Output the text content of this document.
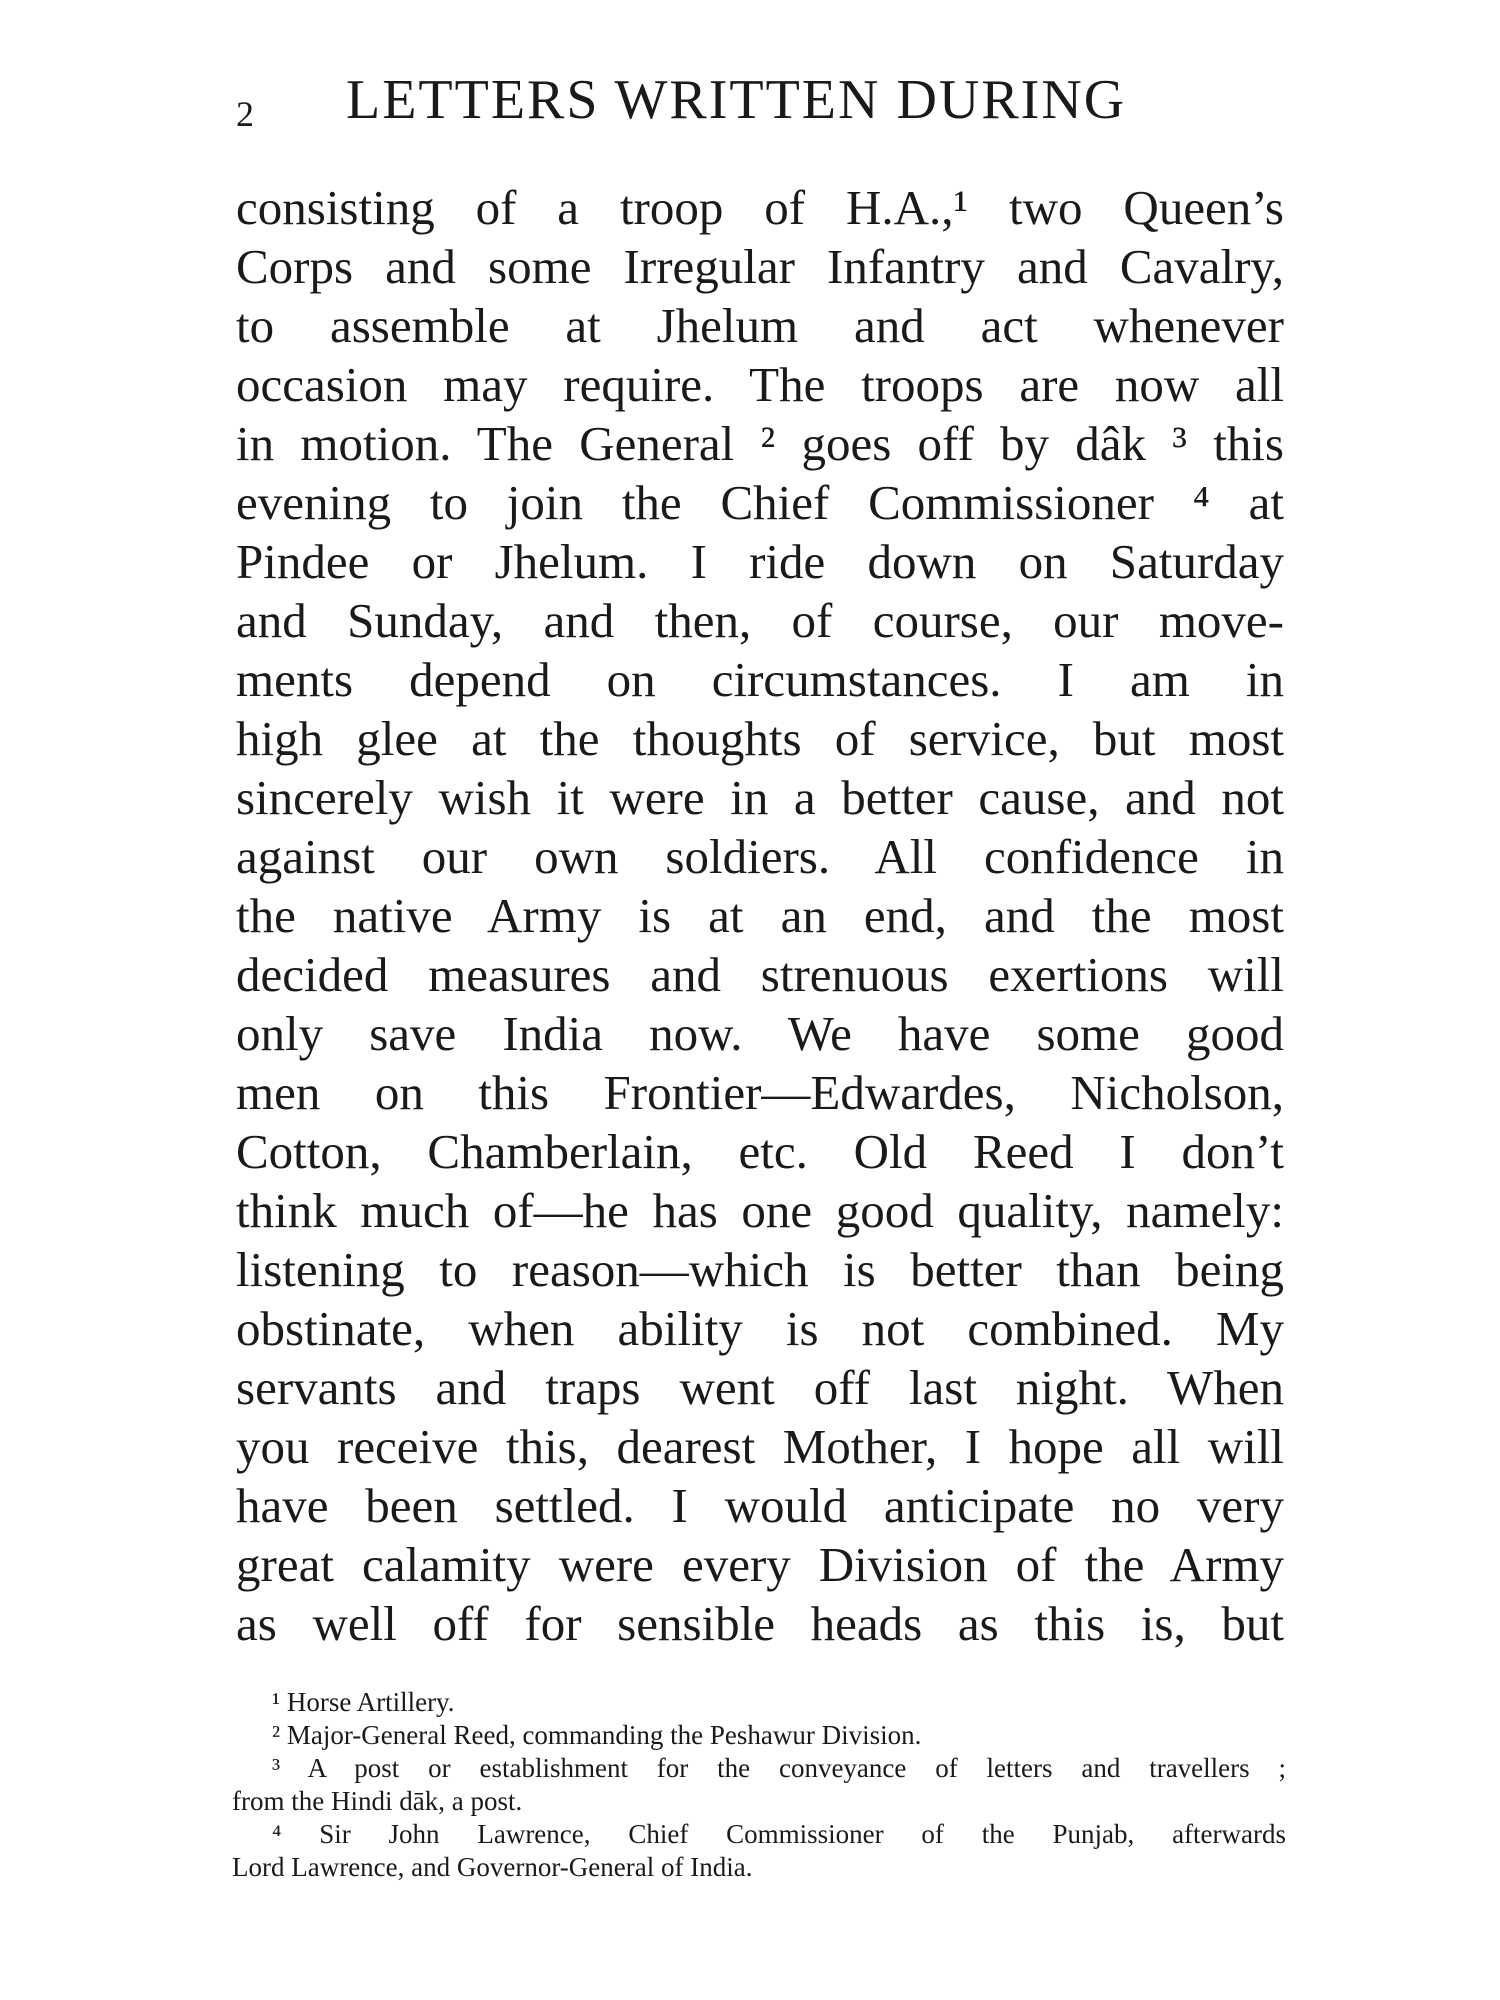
2 LETTERS WRITTEN DURING
consisting of a troop of H.A.,¹ two Queen’s
Corps and some Irregular Infantry and Cavalry,
to assemble at Jhelum and act whenever
occasion may require. The troops are now all
in motion. The General ² goes off by dâk ³ this
evening to join the Chief Commissioner ⁴ at
Pindee or Jhelum. I ride down on Saturday
and Sunday, and then, of course, our move-
ments depend on circumstances. I am in
high glee at the thoughts of service, but most
sincerely wish it were in a better cause, and not
against our own soldiers. All confidence in
the native Army is at an end, and the most
decided measures and strenuous exertions will
only save India now. We have some good
men on this Frontier—Edwardes, Nicholson,
Cotton, Chamberlain, etc. Old Reed I don’t
think much of—he has one good quality, namely:
listening to reason—which is better than being
obstinate, when ability is not combined. My
servants and traps went off last night. When
you receive this, dearest Mother, I hope all will
have been settled. I would anticipate no very
great calamity were every Division of the Army
as well off for sensible heads as this is, but
¹ Horse Artillery.
² Major-General Reed, commanding the Peshawur Division.
³ A post or establishment for the conveyance of letters and travellers ;
from the Hindi dāk, a post.
⁴ Sir John Lawrence, Chief Commissioner of the Punjab, afterwards
Lord Lawrence, and Governor-General of India.
